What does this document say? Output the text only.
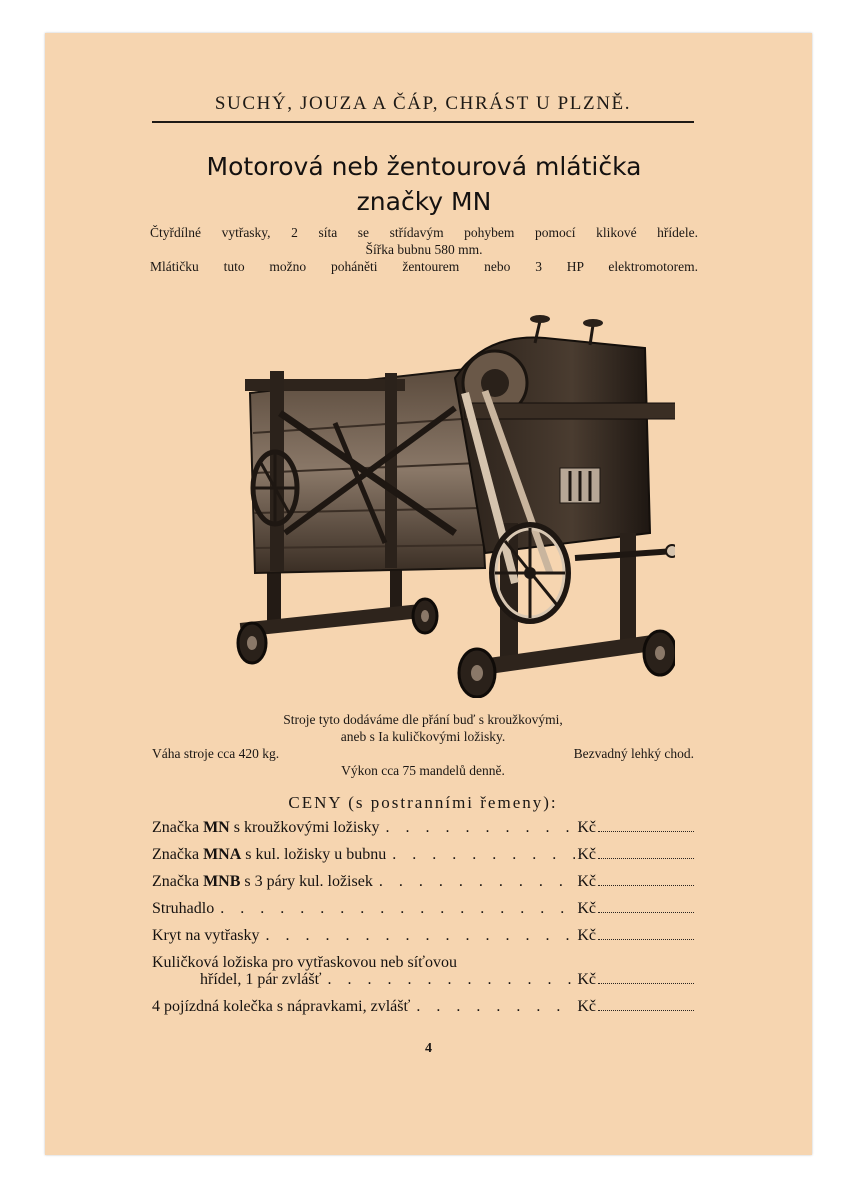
SUCHÝ, JOUZA A ČÁP, CHRÁST U PLZNĚ.
Motorová neb žentourová mlátička
značky MN
Čtyřdílné vytřasky, 2 síta se střídavým pohybem pomocí klikové hřídele.
Šířka bubnu 580 mm.
Mlátičku tuto možno poháněti žentourem nebo 3 HP elektromotorem.
Stroje tyto dodáváme dle přání buď s kroužkovými,
aneb s Ia kuličkovými ložisky.
Váha stroje cca 420 kg.	Bezvadný lehký chod.
Výkon cca 75 mandelů denně.
CENY (s postranními řemeny):
Značka MN s kroužkovými ložisky . . .	Kč
Značka MNA s kul. ložisky u bubnu . . .	Kč
Značka MNB s 3 páry kul. ložisek . . .	Kč
Struhadlo . . .	Kč
Kryt na vytřasky . . .	Kč
Kuličková ložiska pro vytřaskovou neb síťovou
hřídel, 1 pár zvlášť . . .	Kč
4 pojízdná kolečka s nápravkami, zvlášť . . .	Kč
4
